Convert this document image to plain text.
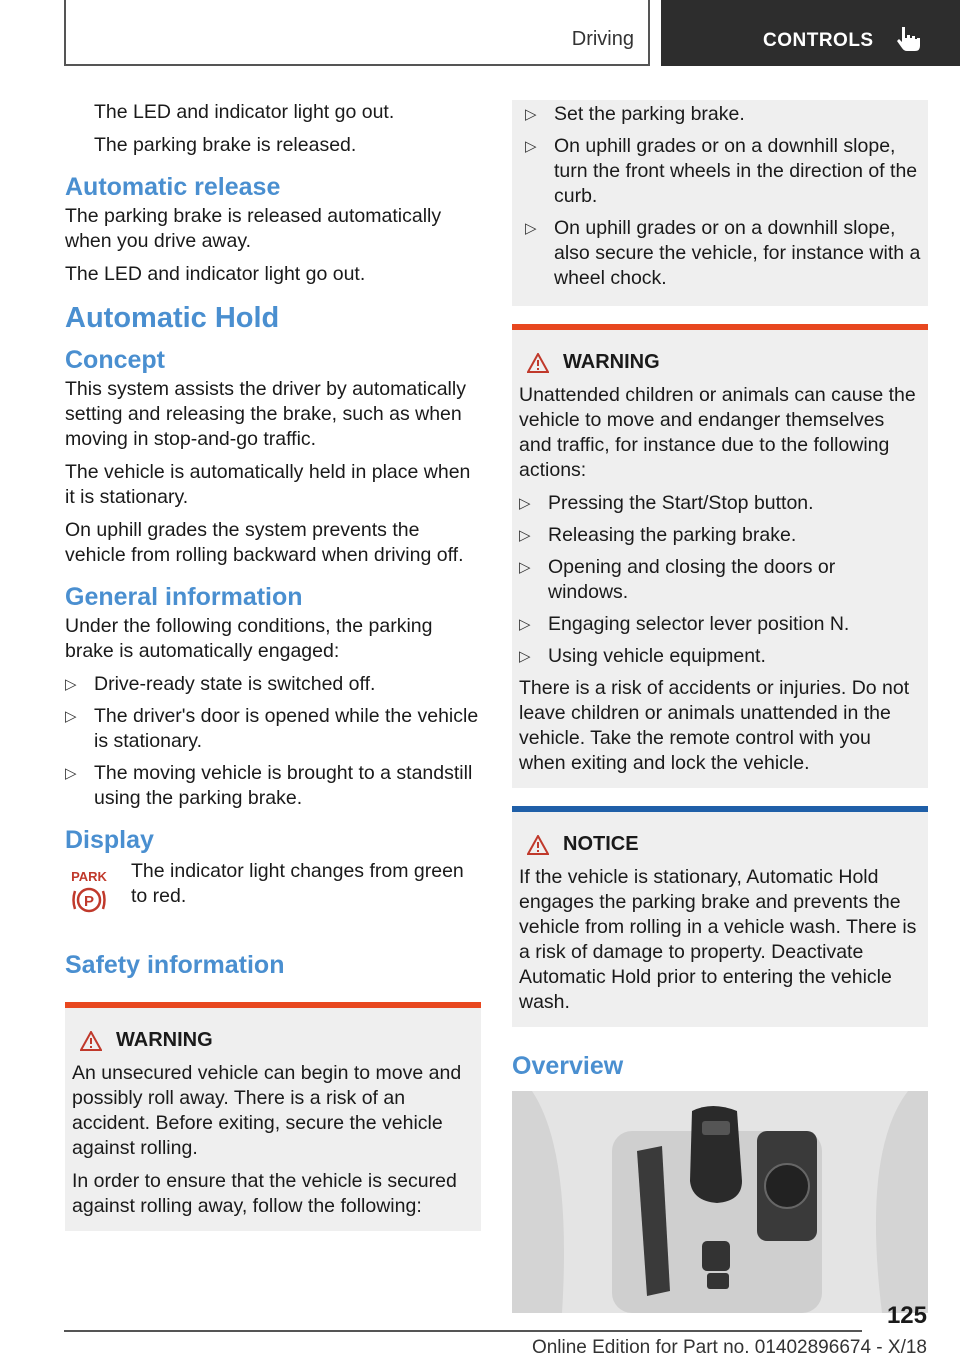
Driving	CONTROLS
The LED and indicator light go out.
The parking brake is released.
Automatic release
The parking brake is released automatically when you drive away.
The LED and indicator light go out.
Automatic Hold
Concept
This system assists the driver by automatically setting and releasing the brake, such as when moving in stop-and-go traffic.
The vehicle is automatically held in place when it is stationary.
On uphill grades the system prevents the vehicle from rolling backward when driving off.
General information
Under the following conditions, the parking brake is automatically engaged:
▷ Drive-ready state is switched off.
▷ The driver's door is opened while the vehicle is stationary.
▷ The moving vehicle is brought to a standstill using the parking brake.
Display
PARK
P
The indicator light changes from green to red.
Safety information
WARNING
An unsecured vehicle can begin to move and possibly roll away. There is a risk of an accident. Before exiting, secure the vehicle against rolling.
In order to ensure that the vehicle is secured against rolling away, follow the following:
▷ Set the parking brake.
▷ On uphill grades or on a downhill slope, turn the front wheels in the direction of the curb.
▷ On uphill grades or on a downhill slope, also secure the vehicle, for instance with a wheel chock.
WARNING
Unattended children or animals can cause the vehicle to move and endanger themselves and traffic, for instance due to the following actions:
▷ Pressing the Start/Stop button.
▷ Releasing the parking brake.
▷ Opening and closing the doors or windows.
▷ Engaging selector lever position N.
▷ Using vehicle equipment.
There is a risk of accidents or injuries. Do not leave children or animals unattended in the vehicle. Take the remote control with you when exiting and lock the vehicle.
NOTICE
If the vehicle is stationary, Automatic Hold engages the parking brake and prevents the vehicle from rolling in a vehicle wash. There is a risk of damage to property. Deactivate Automatic Hold prior to entering the vehicle wash.
Overview
125
Online Edition for Part no. 01402896674 - X/18
